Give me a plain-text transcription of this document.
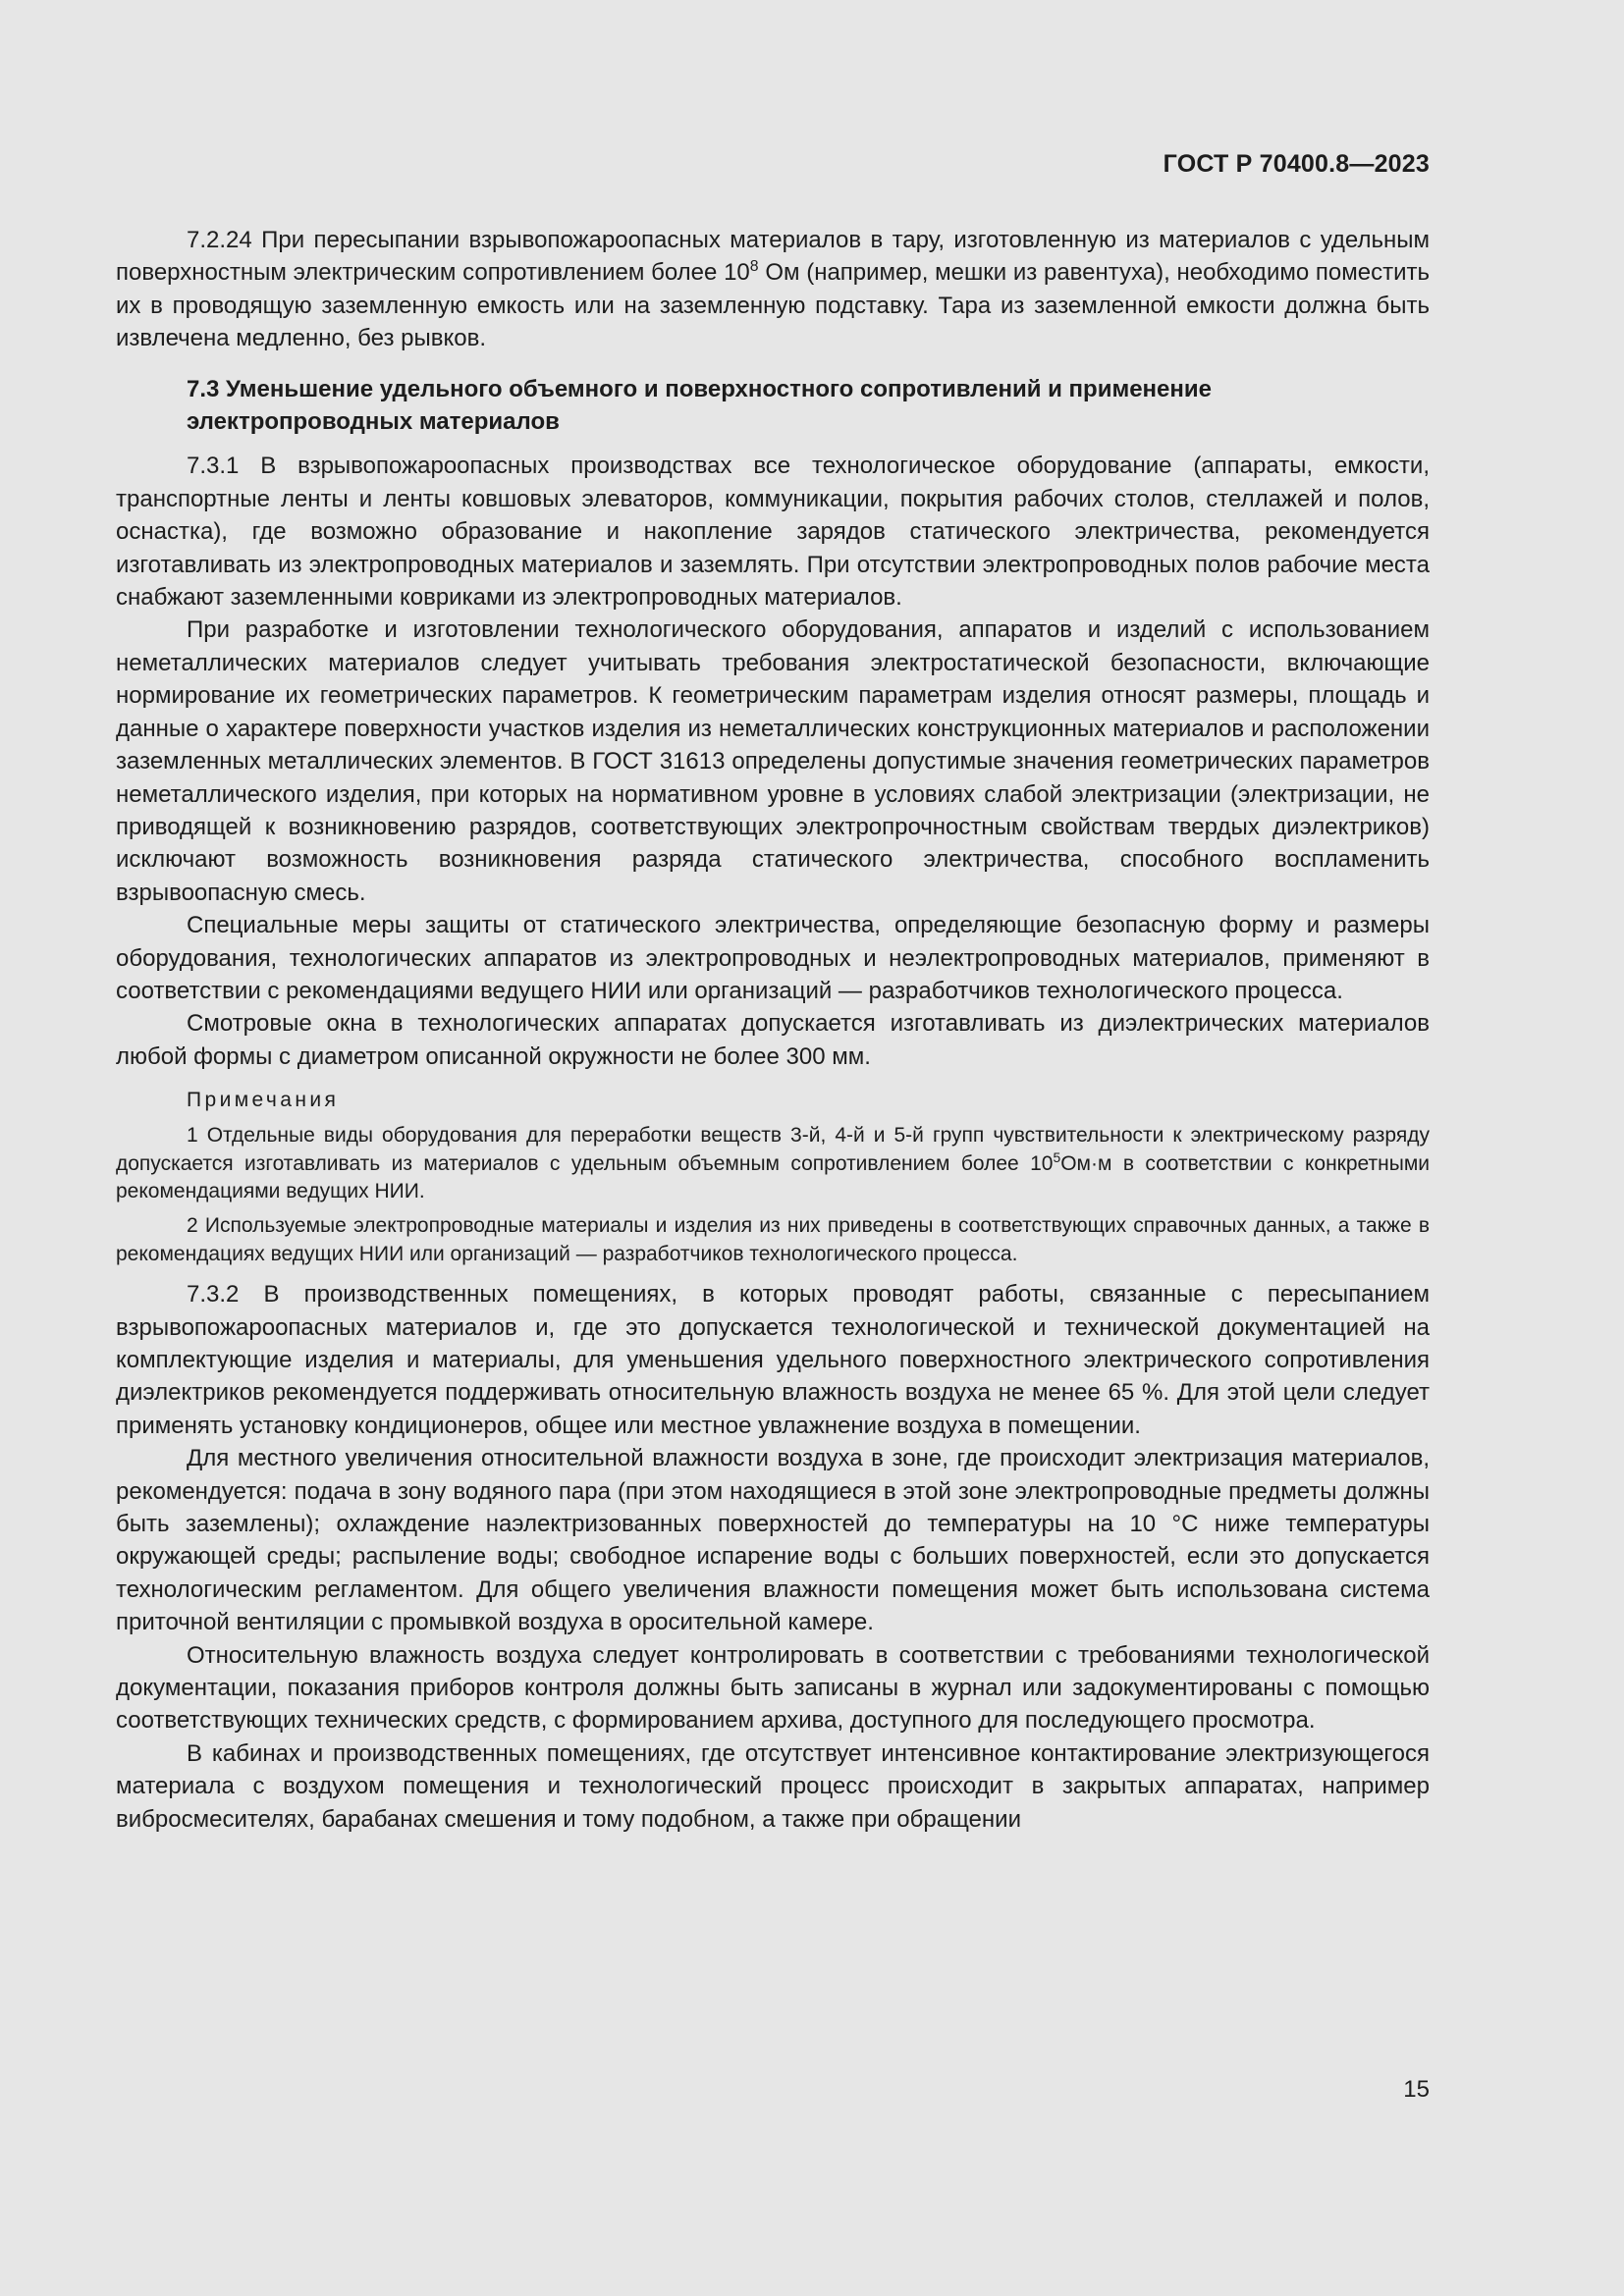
ГОСТ Р 70400.8—2023

7.2.24 При пересыпании взрывопожароопасных материалов в тару, изготовленную из материалов с удельным поверхностным электрическим сопротивлением более $10^8$ Ом (например, мешки из равентуха), необходимо поместить их в проводящую заземленную емкость или на заземленную подставку. Тара из заземленной емкости должна быть извлечена медленно, без рывков.

7.3 Уменьшение удельного объемного и поверхностного сопротивлений и применение электропроводных материалов

7.3.1 В взрывопожароопасных производствах все технологическое оборудование (аппараты, емкости, транспортные ленты и ленты ковшовых элеваторов, коммуникации, покрытия рабочих столов, стеллажей и полов, оснастка), где возможно образование и накопление зарядов статического электричества, рекомендуется изготавливать из электропроводных материалов и заземлять. При отсутствии электропроводных полов рабочие места снабжают заземленными ковриками из электропроводных материалов.

При разработке и изготовлении технологического оборудования, аппаратов и изделий с использованием неметаллических материалов следует учитывать требования электростатической безопасности, включающие нормирование их геометрических параметров. К геометрическим параметрам изделия относят размеры, площадь и данные о характере поверхности участков изделия из неметаллических конструкционных материалов и расположении заземленных металлических элементов. В ГОСТ 31613 определены допустимые значения геометрических параметров неметаллического изделия, при которых на нормативном уровне в условиях слабой электризации (электризации, не приводящей к возникновению разрядов, соответствующих электропрочностным свойствам твердых диэлектриков) исключают возможность возникновения разряда статического электричества, способного воспламенить взрывоопасную смесь.

Специальные меры защиты от статического электричества, определяющие безопасную форму и размеры оборудования, технологических аппаратов из электропроводных и неэлектропроводных материалов, применяют в соответствии с рекомендациями ведущего НИИ или организаций — разработчиков технологического процесса.

Смотровые окна в технологических аппаратах допускается изготавливать из диэлектрических материалов любой формы с диаметром описанной окружности не более 300 мм.

Примечания

1 Отдельные виды оборудования для переработки веществ 3-й, 4-й и 5-й групп чувствительности к электрическому разряду допускается изготавливать из материалов с удельным объемным сопротивлением более $10^5Ом\cdot м$ в соответствии с конкретными рекомендациями ведущих НИИ.

2 Используемые электропроводные материалы и изделия из них приведены в соответствующих справочных данных, а также в рекомендациях ведущих НИИ или организаций — разработчиков технологического процесса.

7.3.2 В производственных помещениях, в которых проводят работы, связанные с пересыпанием взрывопожароопасных материалов и, где это допускается технологической и технической документацией на комплектующие изделия и материалы, для уменьшения удельного поверхностного электрического сопротивления диэлектриков рекомендуется поддерживать относительную влажность воздуха не менее 65 %. Для этой цели следует применять установку кондиционеров, общее или местное увлажнение воздуха в помещении.

Для местного увеличения относительной влажности воздуха в зоне, где происходит электризация материалов, рекомендуется: подача в зону водяного пара (при этом находящиеся в этой зоне электропроводные предметы должны быть заземлены); охлаждение наэлектризованных поверхностей до температуры на 10 °С ниже температуры окружающей среды; распыление воды; свободное испарение воды с больших поверхностей, если это допускается технологическим регламентом. Для общего увеличения влажности помещения может быть использована система приточной вентиляции с промывкой воздуха в оросительной камере.

Относительную влажность воздуха следует контролировать в соответствии с требованиями технологической документации, показания приборов контроля должны быть записаны в журнал или задокументированы с помощью соответствующих технических средств, с формированием архива, доступного для последующего просмотра.

В кабинах и производственных помещениях, где отсутствует интенсивное контактирование электризующегося материала с воздухом помещения и технологический процесс происходит в закрытых аппаратах, например вибросмесителях, барабанах смешения и тому подобном, а также при обращении

15
